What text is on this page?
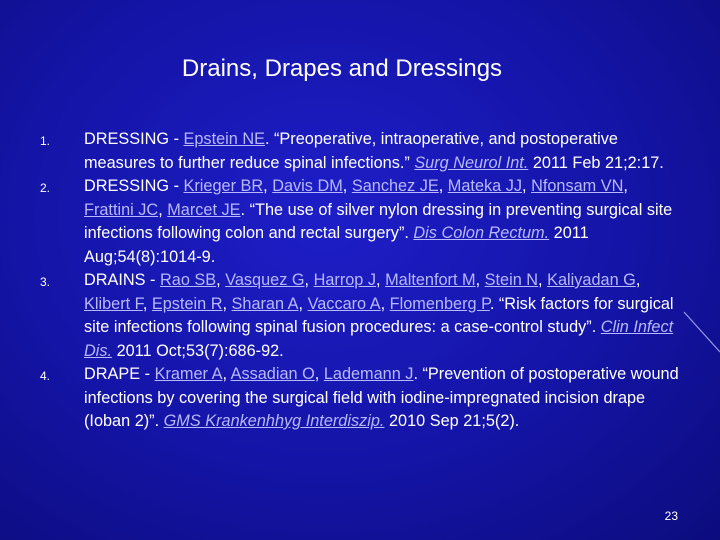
Drains, Drapes and Dressings
1. DRESSING - Epstein NE. “Preoperative, intraoperative, and postoperative measures to further reduce spinal infections.” Surg Neurol Int. 2011 Feb 21;2:17.
2. DRESSING - Krieger BR, Davis DM, Sanchez JE, Mateka JJ, Nfonsam VN, Frattini JC, Marcet JE. “The use of silver nylon dressing in preventing surgical site infections following colon and rectal surgery”. Dis Colon Rectum. 2011 Aug;54(8):1014-9.
3. DRAINS - Rao SB, Vasquez G, Harrop J, Maltenfort M, Stein N, Kaliyadan G, Klibert F, Epstein R, Sharan A, Vaccaro A, Flomenberg P. “Risk factors for surgical site infections following spinal fusion procedures: a case-control study”. Clin Infect Dis. 2011 Oct;53(7):686-92.
4. DRAPE - Kramer A, Assadian O, Lademann J. “Prevention of postoperative wound infections by covering the surgical field with iodine-impregnated incision drape (Ioban 2)”. GMS Krankenhhyg Interdiszip. 2010 Sep 21;5(2).
23
